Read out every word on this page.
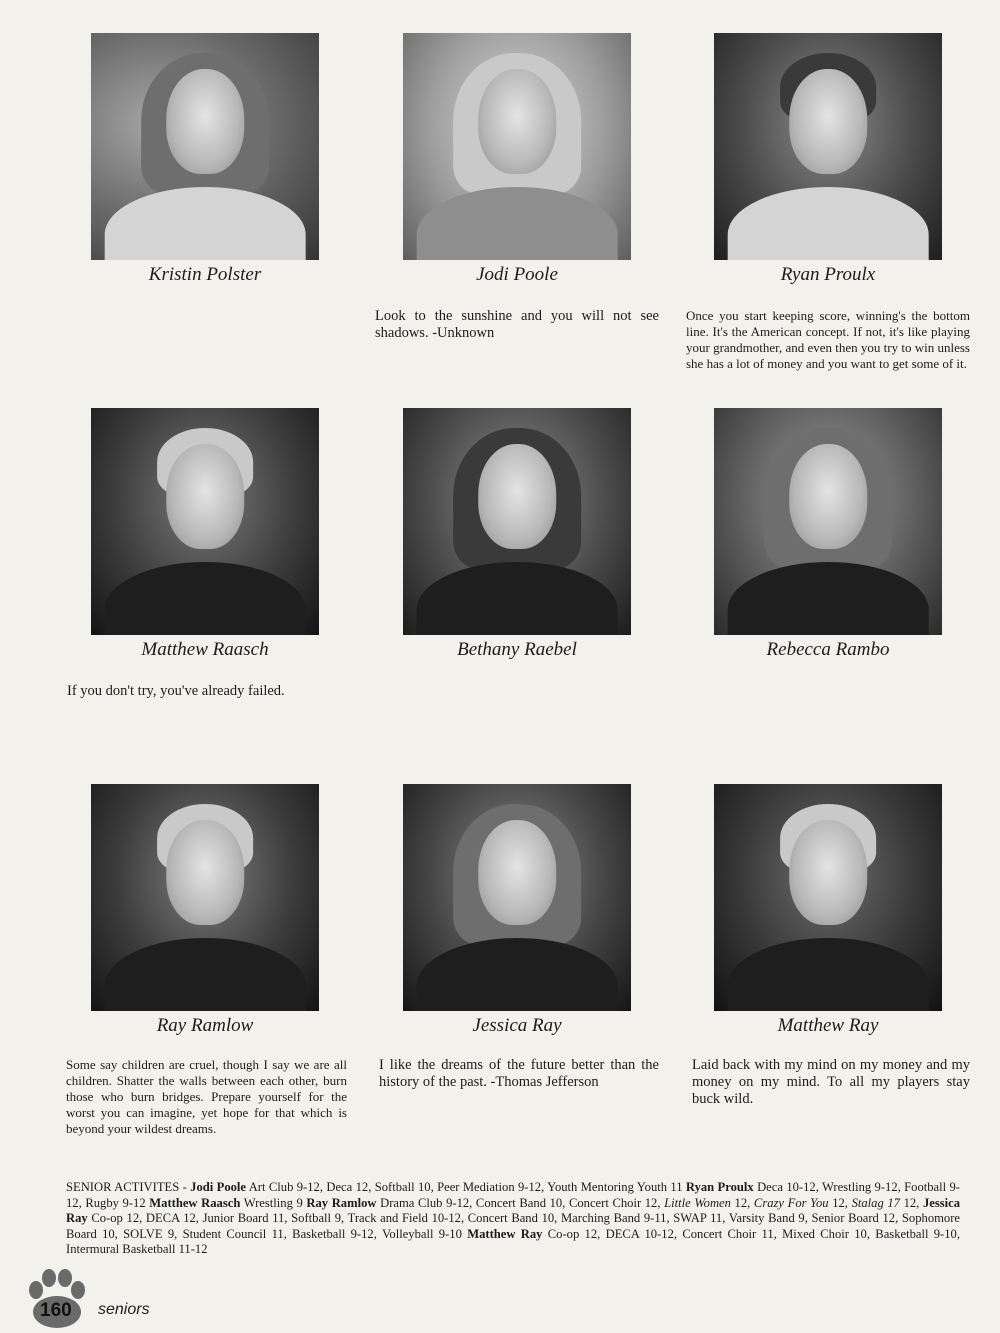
Kristin Polster	Jodi Poole
Look to the sunshine and you will not see shadows. -Unknown
Ryan Proulx
Once you start keeping score, winning's the bottom line. It's the American concept. If not, it's like playing your grandmother, and even then you try to win unless she has a lot of money and you want to get some of it.
Matthew Raasch
If you don't try, you've already failed.
Bethany Raebel	Rebecca Rambo
Ray Ramlow
Some say children are cruel, though I say we are all children. Shatter the walls between each other, burn those who burn bridges. Prepare yourself for the worst you can imagine, yet hope for that which is beyond your wildest dreams.
Jessica Ray
I like the dreams of the future better than the history of the past. -Thomas Jefferson
Matthew Ray
Laid back with my mind on my money and my money on my mind. To all my players stay buck wild.
SENIOR ACTIVITES - Jodi Poole Art Club 9-12, Deca 12, Softball 10, Peer Mediation 9-12, Youth Mentoring Youth 11 Ryan Proulx Deca 10-12, Wrestling 9-12, Football 9-12, Rugby 9-12 Matthew Raasch Wrestling 9 Ray Ramlow Drama Club 9-12, Concert Band 10, Concert Choir 12, Little Women 12, Crazy For You 12, Stalag 17 12, Jessica Ray Co-op 12, DECA 12, Junior Board 11, Softball 9, Track and Field 10-12, Concert Band 10, Marching Band 9-11, SWAP 11, Varsity Band 9, Senior Board 12, Sophomore Board 10, SOLVE 9, Student Council 11, Basketball 9-12, Volleyball 9-10 Matthew Ray Co-op 12, DECA 10-12, Concert Choir 11, Mixed Choir 10, Basketball 9-10, Intermural Basketball 11-12
160 seniors
